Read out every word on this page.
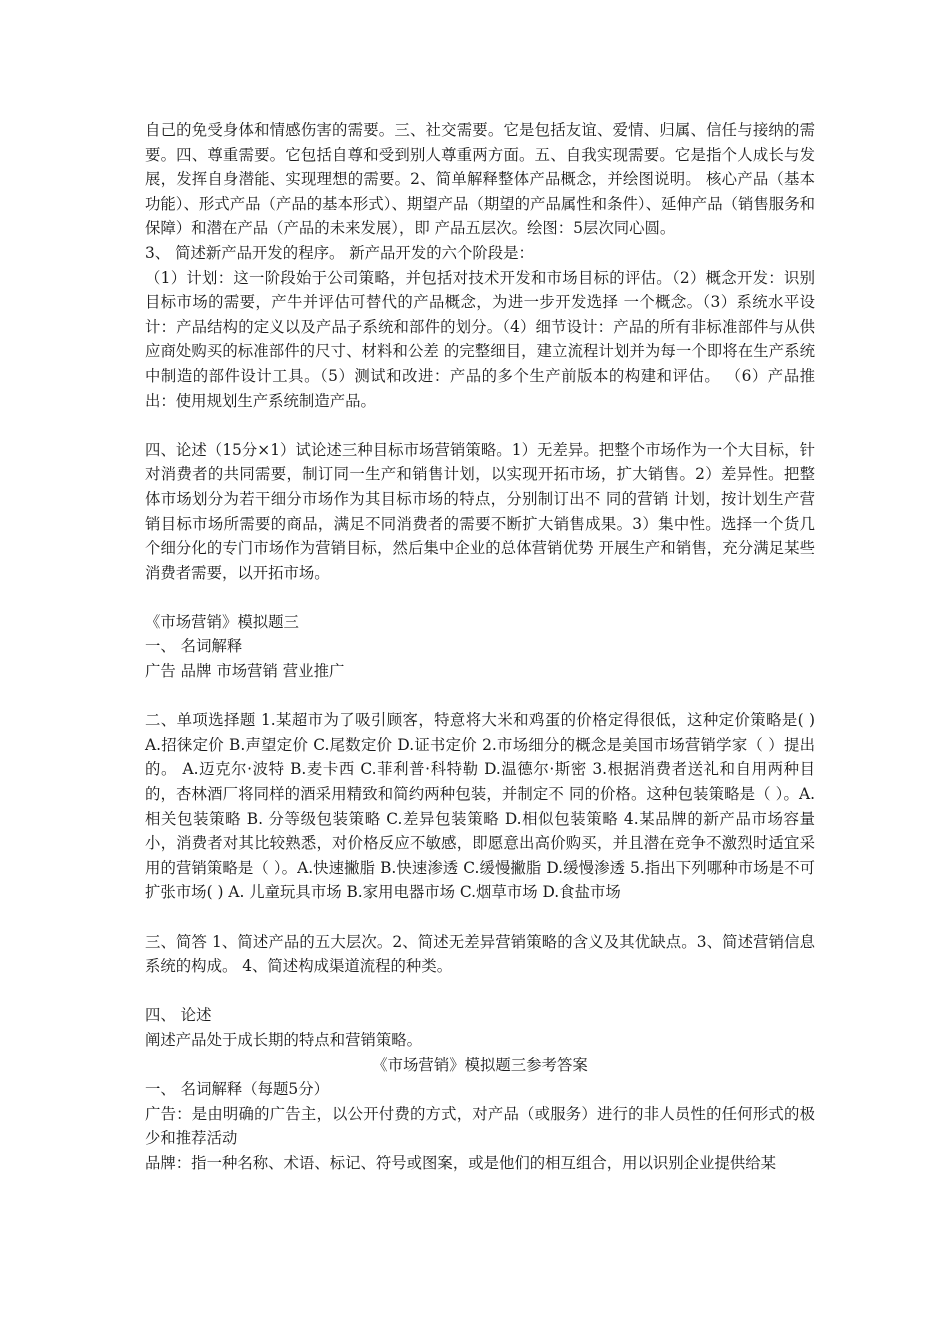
自己的免受身体和情感伤害的需要。三、社交需要。它是包括友谊、爱情、归属、信任与接纳的需要。四、尊重需要。它包括自尊和受到别人尊重两方面。五、自我实现需要。它是指个人成长与发展，发挥自身潜能、实现理想的需要。2、简单解释整体产品概念，并绘图说明。 核心产品（基本功能）、形式产品（产品的基本形式）、期望产品（期望的产品属性和条件）、延伸产品（销售服务和保障）和潜在产品（产品的未来发展），即 产品五层次。绘图：5层次同心圆。

3、 简述新产品开发的程序。 新产品开发的六个阶段是：

（1）计划：这一阶段始于公司策略，并包括对技术开发和市场目标的评估。（2）概念开发：识别目标市场的需要，产牛并评估可替代的产品概念，为进一步开发选择 一个概念。（3）系统水平设计：产品结构的定义以及产品子系统和部件的划分。（4）细节设计：产品的所有非标准部件与从供应商处购买的标准部件的尺寸、材料和公差 的完整细目，建立流程计划并为每一个即将在生产系统中制造的部件设计工具。（5）测试和改进：产品的多个生产前版本的构建和评估。 （6）产品推出：使用规划生产系统制造产品。

四、论述（15分×1）试论述三种目标市场营销策略。1）无差异。把整个市场作为一个大目标，针对消费者的共同需要，制订同一生产和销售计划，以实现开拓市场，扩大销售。2）差异性。把整体市场划分为若干细分市场作为其目标市场的特点，分别制订出不 同的营销 计划，按计划生产营销目标市场所需要的商品，满足不同消费者的需要不断扩大销售成果。3）集中性。选择一个货几个细分化的专门市场作为营销目标，然后集中企业的总体营销优势 开展生产和销售，充分满足某些消费者需要，以开拓市场。

《市场营销》模拟题三

一、 名词解释

广告 品牌 市场营销 营业推广

二、单项选择题 1.某超市为了吸引顾客，特意将大米和鸡蛋的价格定得很低，这种定价策略是( ) A.招徕定价 B.声望定价 C.尾数定价 D.证书定价 2.市场细分的概念是美国市场营销学家（ ）提出的。 A.迈克尔·波特 B.麦卡西 C.菲利普·科特勒 D.温德尔·斯密 3.根据消费者送礼和自用两种目的，杏林酒厂将同样的酒采用精致和简约两种包装，并制定不 同的价格。这种包装策略是（ ）。A. 相关包装策略 B. 分等级包装策略 C.差异包装策略 D.相似包装策略 4.某品牌的新产品市场容量小，消费者对其比较熟悉，对价格反应不敏感，即愿意出高价购买，并且潜在竞争不激烈时适宜采用的营销策略是（ ）。A.快速撇脂 B.快速渗透 C.缓慢撇脂 D.缓慢渗透 5.指出下列哪种市场是不可扩张市场( ) A. 儿童玩具市场 B.家用电器市场 C.烟草市场 D.食盐市场

三、简答 1、简述产品的五大层次。2、简述无差异营销策略的含义及其优缺点。3、简述营销信息系统的构成。 4、简述构成渠道流程的种类。

四、 论述

阐述产品处于成长期的特点和营销策略。

《市场营销》模拟题三参考答案

一、 名词解释（每题5分）

广告：是由明确的广告主，以公开付费的方式，对产品（或服务）进行的非人员性的任何形式的极少和推荐活动

品牌：指一种名称、术语、标记、符号或图案，或是他们的相互组合，用以识别企业提供给某
